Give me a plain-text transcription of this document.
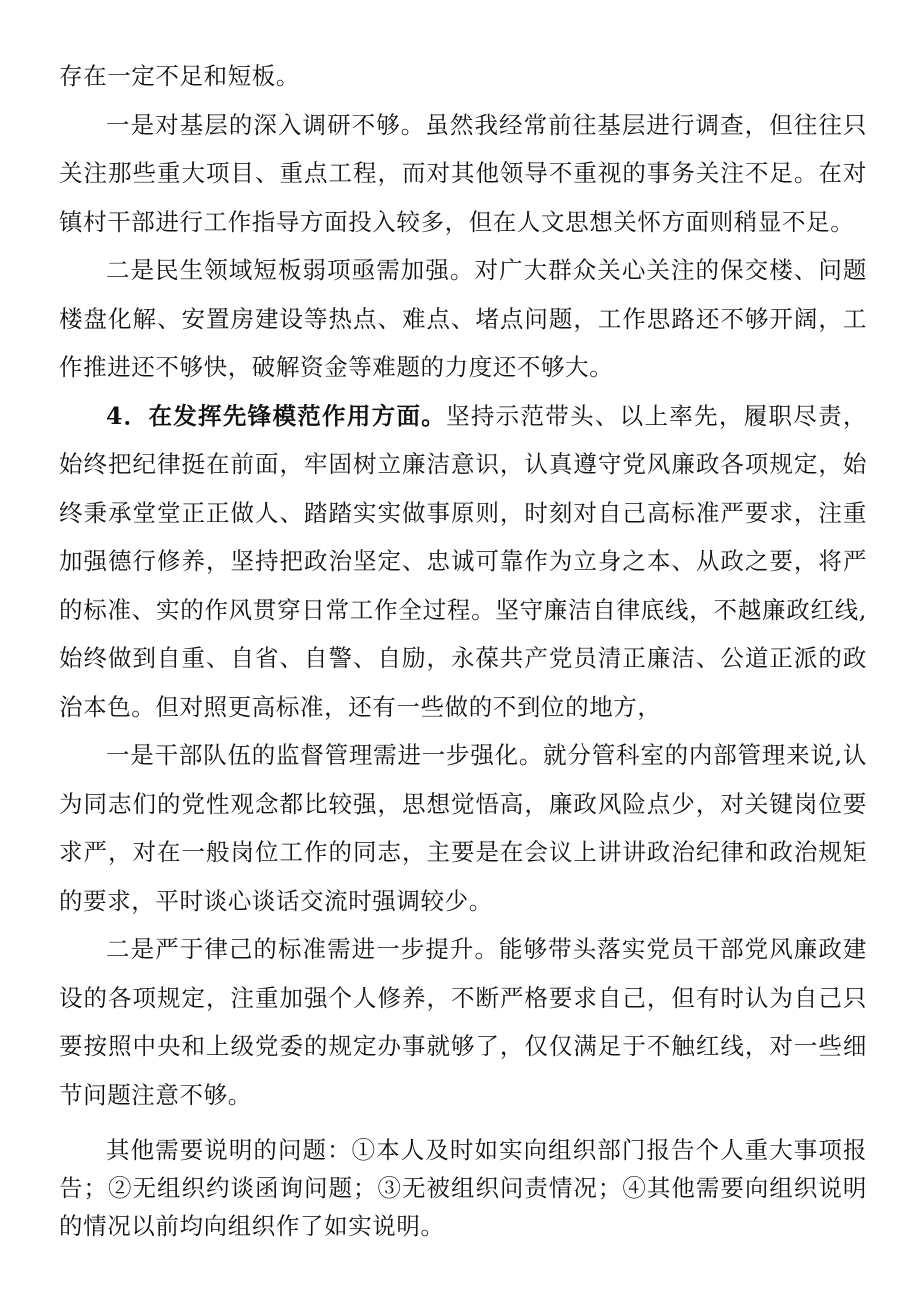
存在一定不足和短板。

一是对基层的深入调研不够。虽然我经常前往基层进行调查，但往往只关注那些重大项目、重点工程，而对其他领导不重视的事务关注不足。在对镇村干部进行工作指导方面投入较多，但在人文思想关怀方面则稍显不足。

二是民生领域短板弱项亟需加强。对广大群众关心关注的保交楼、问题楼盘化解、安置房建设等热点、难点、堵点问题，工作思路还不够开阔，工作推进还不够快，破解资金等难题的力度还不够大。

4．在发挥先锋模范作用方面。坚持示范带头、以上率先，履职尽责，始终把纪律挺在前面，牢固树立廉洁意识，认真遵守党风廉政各项规定，始终秉承堂堂正正做人、踏踏实实做事原则，时刻对自己高标准严要求，注重加强德行修养，坚持把政治坚定、忠诚可靠作为立身之本、从政之要，将严的标准、实的作风贯穿日常工作全过程。坚守廉洁自律底线，不越廉政红线,始终做到自重、自省、自警、自励，永葆共产党员清正廉洁、公道正派的政治本色。但对照更高标准，还有一些做的不到位的地方，

一是干部队伍的监督管理需进一步强化。就分管科室的内部管理来说,认为同志们的党性观念都比较强，思想觉悟高，廉政风险点少，对关键岗位要求严，对在一般岗位工作的同志，主要是在会议上讲讲政治纪律和政治规矩的要求，平时谈心谈话交流时强调较少。

二是严于律己的标准需进一步提升。能够带头落实党员干部党风廉政建设的各项规定，注重加强个人修养，不断严格要求自己，但有时认为自己只要按照中央和上级党委的规定办事就够了，仅仅满足于不触红线，对一些细节问题注意不够。

其他需要说明的问题：①本人及时如实向组织部门报告个人重大事项报告；②无组织约谈函询问题；③无被组织问责情况；④其他需要向组织说明的情况以前均向组织作了如实说明。
